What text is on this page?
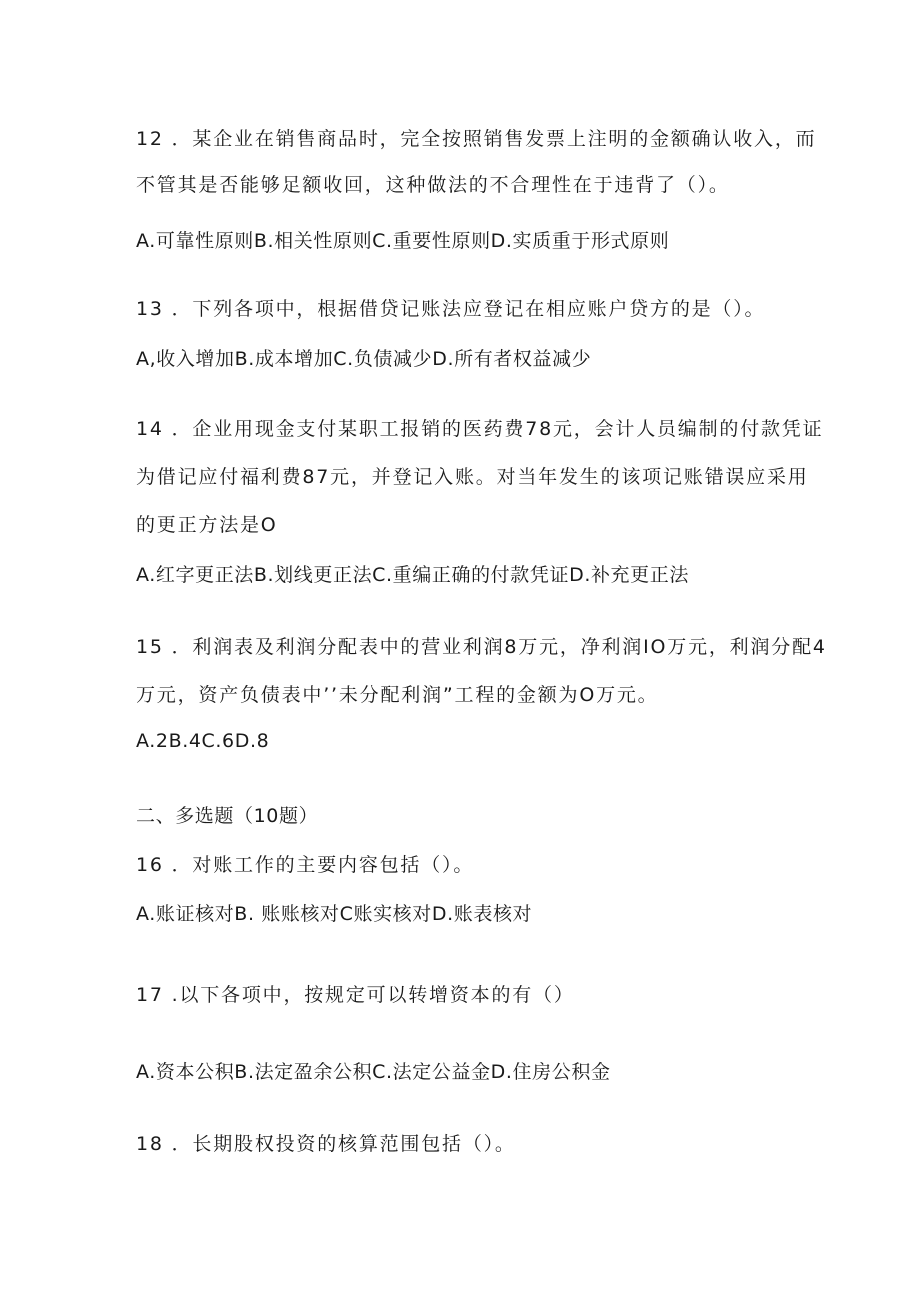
12 ．某企业在销售商品时，完全按照销售发票上注明的金额确认收入，而
不管其是否能够足额收回，这种做法的不合理性在于违背了（）。
A.可靠性原则B.相关性原则C.重要性原则D.实质重于形式原则
13 ．下列各项中，根据借贷记账法应登记在相应账户贷方的是（）。
A,收入增加B.成本增加C.负债减少D.所有者权益减少
14 ．企业用现金支付某职工报销的医药费78元，会计人员编制的付款凭证
为借记应付福利费87元，并登记入账。对当年发生的该项记账错误应采用
的更正方法是O
A.红字更正法B.划线更正法C.重编正确的付款凭证D.补充更正法
15 ．利润表及利润分配表中的营业利润8万元，净利润IO万元，利润分配4
万元，资产负债表中’’未分配利润”工程的金额为O万元。
A.2B.4C.6D.8
二、多选题（10题）
16 ．对账工作的主要内容包括（）。
A.账证核对B. 账账核对C账实核对D.账表核对
17 .以下各项中，按规定可以转增资本的有（）
A.资本公积B.法定盈余公积C.法定公益金D.住房公积金
18 ．长期股权投资的核算范围包括（）。
